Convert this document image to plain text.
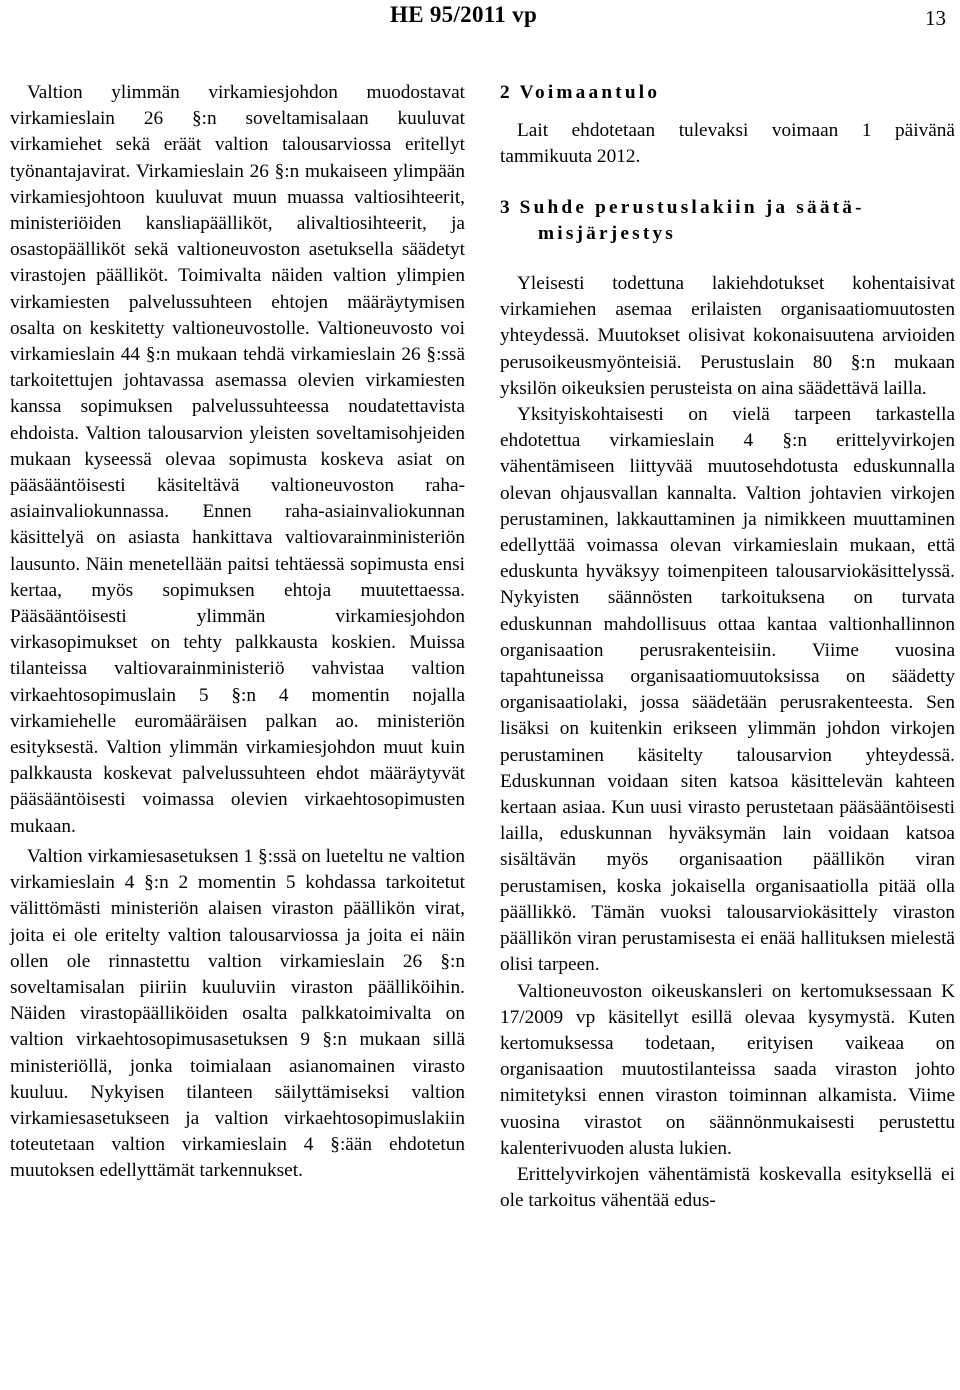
HE 95/2011 vp	13

Valtion ylimmän virkamiesjohdon muodostavat virkamieslain 26 §:n soveltamisalaan kuuluvat virkamiehet sekä eräät valtion talousarviossa eritellyt työnantajavirat. Virkamieslain 26 §:n mukaiseen ylimpään virkamiesjohtoon kuuluvat muun muassa valtiosihteerit, ministeriöiden kansliapäälliköt, alivaltiosihteerit, ja osastopäälliköt sekä valtioneuvoston asetuksella säädetyt virastojen päälliköt. Toimivalta näiden valtion ylimpien virkamiesten palvelussuhteen ehtojen määräytymisen osalta on keskitetty valtioneuvostolle. Valtioneuvosto voi virkamieslain 44 §:n mukaan tehdä virkamieslain 26 §:ssä tarkoitettujen johtavassa asemassa olevien virkamiesten kanssa sopimuksen palvelussuhteessa noudatettavista ehdoista. Valtion talousarvion yleisten soveltamisohjeiden mukaan kyseessä olevaa sopimusta koskeva asiat on pääsääntöisesti käsiteltävä valtioneuvoston raha-asiainvaliokunnassa. Ennen raha-asiainvaliokunnan käsittelyä on asiasta hankittava valtiovarainministeriön lausunto. Näin menetellään paitsi tehtäessä sopimusta ensi kertaa, myös sopimuksen ehtoja muutettaessa. Pääsääntöisesti ylimmän virkamiesjohdon virkasopimukset on tehty palkkausta koskien. Muissa tilanteissa valtiovarainministeriö vahvistaa valtion virkaehtosopimuslain 5 §:n 4 momentin nojalla virkamiehelle euromääräisen palkan ao. ministeriön esityksestä. Valtion ylimmän virkamiesjohdon muut kuin palkkausta koskevat palvelussuhteen ehdot määräytyvät pääsääntöisesti voimassa olevien virkaehtosopimusten mukaan.

Valtion virkamiesasetuksen 1 §:ssä on lueteltu ne valtion virkamieslain 4 §:n 2 momentin 5 kohdassa tarkoitetut välittömästi ministeriön alaisen viraston päällikön virat, joita ei ole eritelty valtion talousarviossa ja joita ei näin ollen ole rinnastettu valtion virkamieslain 26 §:n soveltamisalan piiriin kuuluviin viraston päälliköihin. Näiden virastopäälliköiden osalta palkkatoimivalta on valtion virkaehtosopimusasetuksen 9 §:n mukaan sillä ministeriöllä, jonka toimialaan asianomainen virasto kuuluu. Nykyisen tilanteen säilyttämiseksi valtion virkamiesasetukseen ja valtion virkaehtosopimuslakiin toteutetaan valtion virkamieslain 4 §:ään ehdotetun muutoksen edellyttämät tarkennukset.

2 Voimaantulo

Lait ehdotetaan tulevaksi voimaan 1 päivänä tammikuuta 2012.

3 Suhde perustuslakiin ja säätä-
misjärjestys

Yleisesti todettuna lakiehdotukset kohentaisivat virkamiehen asemaa erilaisten organisaatiomuutosten yhteydessä. Muutokset olisivat kokonaisuutena arvioiden perusoikeusmyönteisiä. Perustuslain 80 §:n mukaan yksilön oikeuksien perusteista on aina säädettävä lailla.

Yksityiskohtaisesti on vielä tarpeen tarkastella ehdotettua virkamieslain 4 §:n erittelyvirkojen vähentämiseen liittyvää muutosehdotusta eduskunnalla olevan ohjausvallan kannalta. Valtion johtavien virkojen perustaminen, lakkauttaminen ja nimikkeen muuttaminen edellyttää voimassa olevan virkamieslain mukaan, että eduskunta hyväksyy toimenpiteen talousarviokäsittelyssä. Nykyisten säännösten tarkoituksena on turvata eduskunnan mahdollisuus ottaa kantaa valtionhallinnon organisaation perusrakenteisiin. Viime vuosina tapahtuneissa organisaatiomuutoksissa on säädetty organisaatiolaki, jossa säädetään perusrakenteesta. Sen lisäksi on kuitenkin erikseen ylimmän johdon virkojen perustaminen käsitelty talousarvion yhteydessä. Eduskunnan voidaan siten katsoa käsittelevän kahteen kertaan asiaa. Kun uusi virasto perustetaan pääsääntöisesti lailla, eduskunnan hyväksymän lain voidaan katsoa sisältävän myös organisaation päällikön viran perustamisen, koska jokaisella organisaatiolla pitää olla päällikkö. Tämän vuoksi talousarviokäsittely viraston päällikön viran perustamisesta ei enää hallituksen mielestä olisi tarpeen.

Valtioneuvoston oikeuskansleri on kertomuksessaan K 17/2009 vp käsitellyt esillä olevaa kysymystä. Kuten kertomuksessa todetaan, erityisen vaikeaa on organisaation muutostilanteissa saada viraston johto nimitetyksi ennen viraston toiminnan alkamista. Viime vuosina virastot on säännönmukaisesti perustettu kalenterivuoden alusta lukien.

Erittelyvirkojen vähentämistä koskevalla esityksellä ei ole tarkoitus vähentää edus-
